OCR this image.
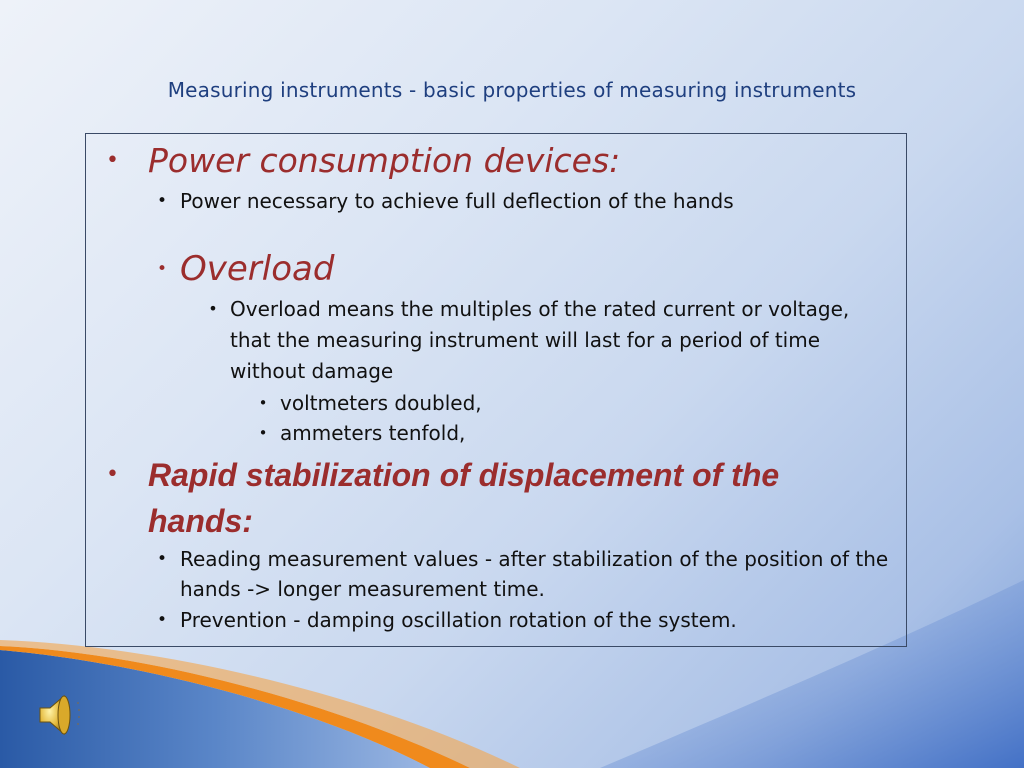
Measuring instruments - basic properties of measuring instruments
• Power consumption devices:
• Power necessary to achieve full deflection of the hands
• Overload
• Overload means the multiples of the rated current or voltage, that the measuring instrument will last for a period of time without damage
• voltmeters doubled,
• ammeters tenfold,
• Rapid stabilization of displacement of the hands:
• Reading measurement values - after stabilization of the position of the hands -> longer measurement time.
• Prevention - damping oscillation rotation of the system.
